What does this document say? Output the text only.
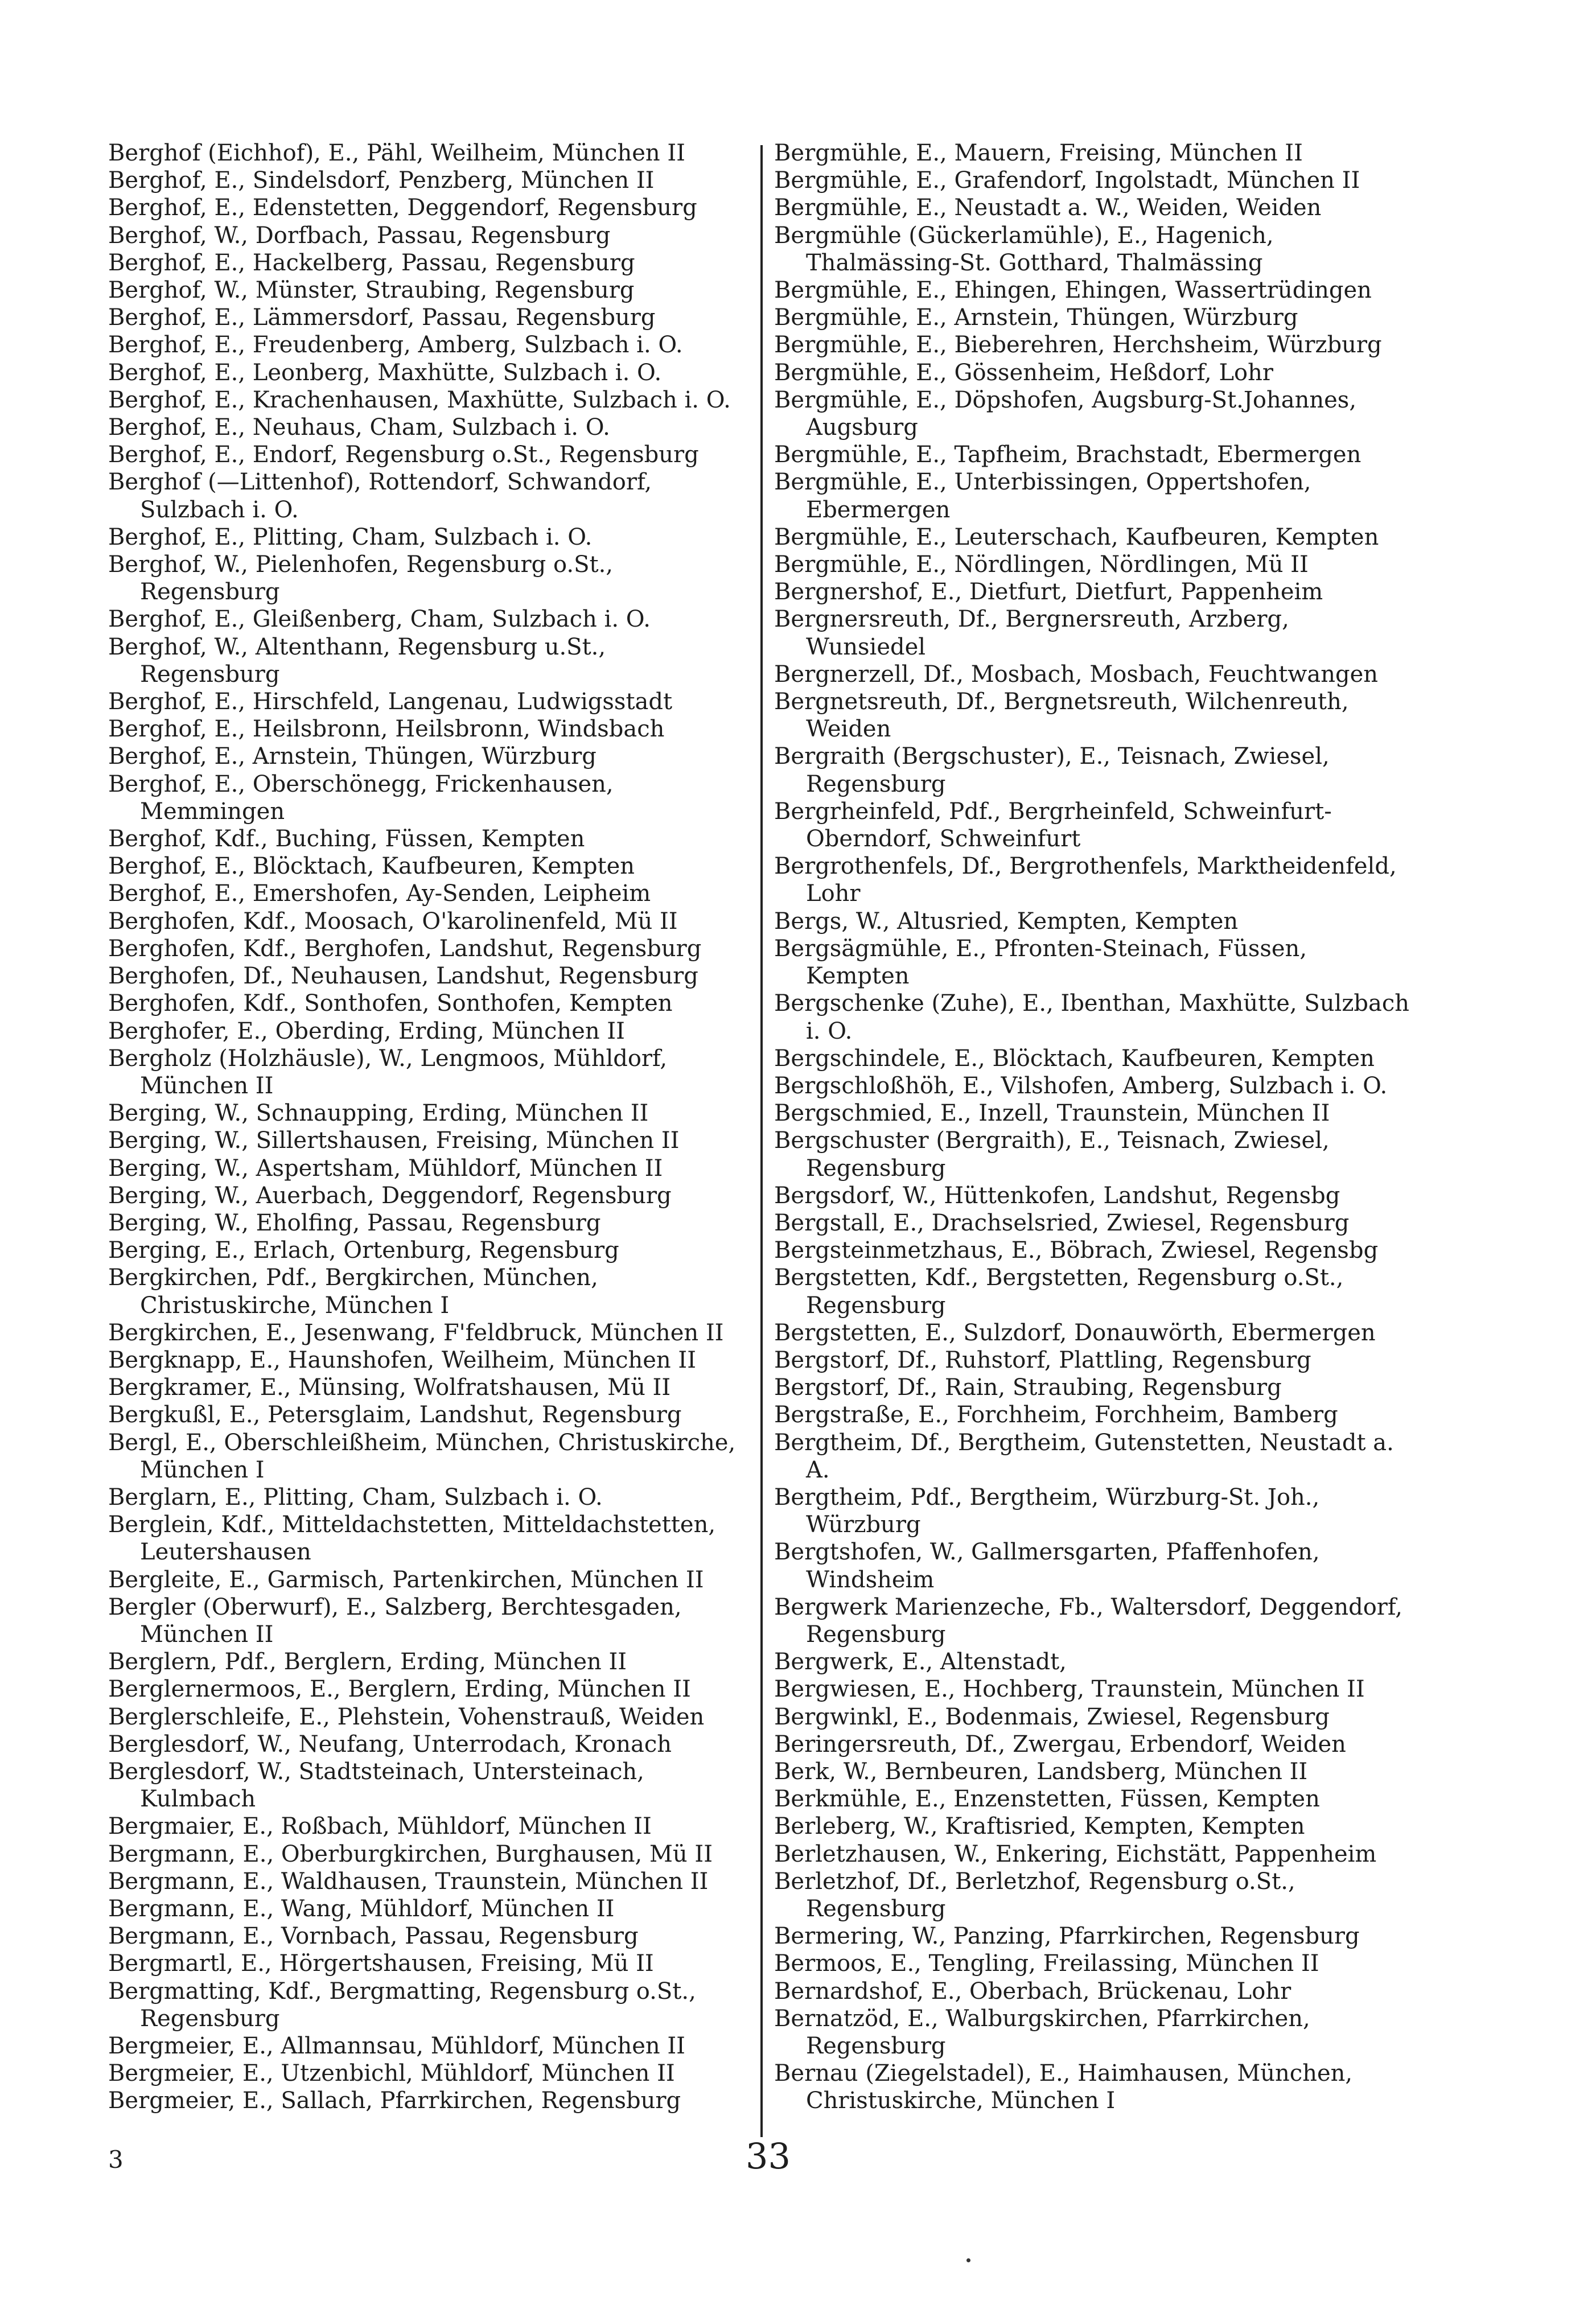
Berghof (Eichhof), E., Pähl, Weilheim, München II

Berghof, E., Sindelsdorf, Penzberg, München II

Berghof, E., Edenstetten, Deggendorf, Regensburg

Berghof, W., Dorfbach, Passau, Regensburg

Berghof, E., Hackelberg, Passau, Regensburg

Berghof, W., Münster, Straubing, Regensburg

Berghof, E., Lämmersdorf, Passau, Regensburg

Berghof, E., Freudenberg, Amberg, Sulzbach i. O.

Berghof, E., Leonberg, Maxhütte, Sulzbach i. O.

Berghof, E., Krachenhausen, Maxhütte, Sulzbach i. O.

Berghof, E., Neuhaus, Cham, Sulzbach i. O.

Berghof, E., Endorf, Regensburg o.St., Regensburg

Berghof (—Littenhof), Rottendorf, Schwandorf, Sulzbach i. O.

Berghof, E., Plitting, Cham, Sulzbach i. O.

Berghof, W., Pielenhofen, Regensburg o.St., Regensburg

Berghof, E., Gleißenberg, Cham, Sulzbach i. O.

Berghof, W., Altenthann, Regensburg u.St., Regensburg

Berghof, E., Hirschfeld, Langenau, Ludwigsstadt

Berghof, E., Heilsbronn, Heilsbronn, Windsbach

Berghof, E., Arnstein, Thüngen, Würzburg

Berghof, E., Oberschönegg, Frickenhausen, Memmingen

Berghof, Kdf., Buching, Füssen, Kempten

Berghof, E., Blöcktach, Kaufbeuren, Kempten

Berghof, E., Emershofen, Ay-Senden, Leipheim

Berghofen, Kdf., Moosach, O'karolinenfeld, Mü II

Berghofen, Kdf., Berghofen, Landshut, Regensburg

Berghofen, Df., Neuhausen, Landshut, Regensburg

Berghofen, Kdf., Sonthofen, Sonthofen, Kempten

Berghofer, E., Oberding, Erding, München II

Bergholz (Holzhäusle), W., Lengmoos, Mühldorf, München II

Berging, W., Schnaupping, Erding, München II

Berging, W., Sillertshausen, Freising, München II

Berging, W., Aspertsham, Mühldorf, München II

Berging, W., Auerbach, Deggendorf, Regensburg

Berging, W., Eholfing, Passau, Regensburg

Berging, E., Erlach, Ortenburg, Regensburg

Bergkirchen, Pdf., Bergkirchen, München, Christuskirche, München I

Bergkirchen, E., Jesenwang, F'feldbruck, München II

Bergknapp, E., Haunshofen, Weilheim, München II

Bergkramer, E., Münsing, Wolfratshausen, Mü II

Bergkußl, E., Petersglaim, Landshut, Regensburg

Bergl, E., Oberschleißheim, München, Christuskirche, München I

Berglarn, E., Plitting, Cham, Sulzbach i. O.

Berglein, Kdf., Mitteldachstetten, Mitteldachstetten, Leutershausen

Bergleite, E., Garmisch, Partenkirchen, München II

Bergler (Oberwurf), E., Salzberg, Berchtesgaden, München II

Berglern, Pdf., Berglern, Erding, München II

Berglernermoos, E., Berglern, Erding, München II

Berglerschleife, E., Plehstein, Vohenstrauß, Weiden

Berglesdorf, W., Neufang, Unterrodach, Kronach

Berglesdorf, W., Stadtsteinach, Untersteinach, Kulmbach

Bergmaier, E., Roßbach, Mühldorf, München II

Bergmann, E., Oberburgkirchen, Burghausen, Mü II

Bergmann, E., Waldhausen, Traunstein, München II

Bergmann, E., Wang, Mühldorf, München II

Bergmann, E., Vornbach, Passau, Regensburg

Bergmartl, E., Hörgertshausen, Freising, Mü II

Bergmatting, Kdf., Bergmatting, Regensburg o.St., Regensburg

Bergmeier, E., Allmannsau, Mühldorf, München II

Bergmeier, E., Utzenbichl, Mühldorf, München II

Bergmeier, E., Sallach, Pfarrkirchen, Regensburg

Bergmühle, E., Mauern, Freising, München II

Bergmühle, E., Grafendorf, Ingolstadt, München II

Bergmühle, E., Neustadt a. W., Weiden, Weiden

Bergmühle (Gückerlamühle), E., Hagenich, Thalmässing-St. Gotthard, Thalmässing

Bergmühle, E., Ehingen, Ehingen, Wassertrüdingen

Bergmühle, E., Arnstein, Thüngen, Würzburg

Bergmühle, E., Bieberehren, Herchsheim, Würzburg

Bergmühle, E., Gössenheim, Heßdorf, Lohr

Bergmühle, E., Döpshofen, Augsburg-St.Johannes, Augsburg

Bergmühle, E., Tapfheim, Brachstadt, Ebermergen

Bergmühle, E., Unterbissingen, Oppertshofen, Ebermergen

Bergmühle, E., Leuterschach, Kaufbeuren, Kempten

Bergmühle, E., Nördlingen, Nördlingen, Mü II

Bergnershof, E., Dietfurt, Dietfurt, Pappenheim

Bergnersreuth, Df., Bergnersreuth, Arzberg, Wunsiedel

Bergnerzell, Df., Mosbach, Mosbach, Feuchtwangen

Bergnetsreuth, Df., Bergnetsreuth, Wilchenreuth, Weiden

Bergraith (Bergschuster), E., Teisnach, Zwiesel, Regensburg

Bergrheinfeld, Pdf., Bergrheinfeld, Schweinfurt-Oberndorf, Schweinfurt

Bergrothenfels, Df., Bergrothenfels, Marktheidenfeld, Lohr

Bergs, W., Altusried, Kempten, Kempten

Bergsägmühle, E., Pfronten-Steinach, Füssen, Kempten

Bergschenke (Zuhe), E., Ibenthan, Maxhütte, Sulzbach i. O.

Bergschindele, E., Blöcktach, Kaufbeuren, Kempten

Bergschloßhöh, E., Vilshofen, Amberg, Sulzbach i. O.

Bergschmied, E., Inzell, Traunstein, München II

Bergschuster (Bergraith), E., Teisnach, Zwiesel, Regensburg

Bergsdorf, W., Hüttenkofen, Landshut, Regensbg

Bergstall, E., Drachselsried, Zwiesel, Regensburg

Bergsteinmetzhaus, E., Böbrach, Zwiesel, Regensbg

Bergstetten, Kdf., Bergstetten, Regensburg o.St., Regensburg

Bergstetten, E., Sulzdorf, Donauwörth, Ebermergen

Bergstorf, Df., Ruhstorf, Plattling, Regensburg

Bergstorf, Df., Rain, Straubing, Regensburg

Bergstraße, E., Forchheim, Forchheim, Bamberg

Bergtheim, Df., Bergtheim, Gutenstetten, Neustadt a. A.

Bergtheim, Pdf., Bergtheim, Würzburg-St. Joh., Würzburg

Bergtshofen, W., Gallmersgarten, Pfaffenhofen, Windsheim

Bergwerk Marienzeche, Fb., Waltersdorf, Deggendorf, Regensburg

Bergwerk, E., Altenstadt,

Bergwiesen, E., Hochberg, Traunstein, München II

Bergwinkl, E., Bodenmais, Zwiesel, Regensburg

Beringersreuth, Df., Zwergau, Erbendorf, Weiden

Berk, W., Bernbeuren, Landsberg, München II

Berkmühle, E., Enzenstetten, Füssen, Kempten

Berleberg, W., Kraftisried, Kempten, Kempten

Berletzhausen, W., Enkering, Eichstätt, Pappenheim

Berletzhof, Df., Berletzhof, Regensburg o.St., Regensburg

Bermering, W., Panzing, Pfarrkirchen, Regensburg

Bermoos, E., Tengling, Freilassing, München II

Bernardshof, E., Oberbach, Brückenau, Lohr

Bernatzöd, E., Walburgskirchen, Pfarrkirchen, Regensburg

Bernau (Ziegelstadel), E., Haimhausen, München, Christuskirche, München I

3	33
